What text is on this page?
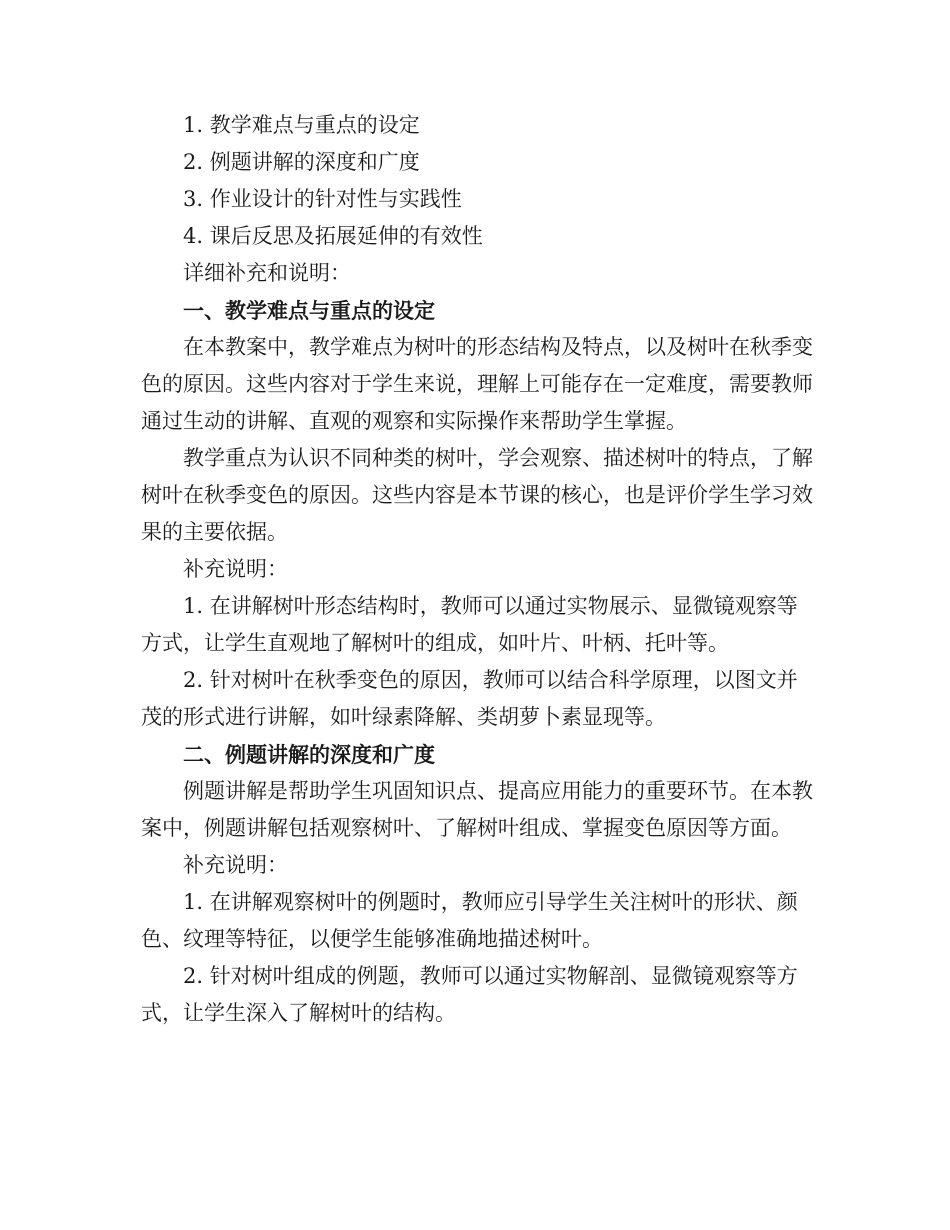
1. 教学难点与重点的设定

2. 例题讲解的深度和广度

3. 作业设计的针对性与实践性

4. 课后反思及拓展延伸的有效性

详细补充和说明：

一、教学难点与重点的设定

在本教案中，教学难点为树叶的形态结构及特点，以及树叶在秋季变色的原因。这些内容对于学生来说，理解上可能存在一定难度，需要教师通过生动的讲解、直观的观察和实际操作来帮助学生掌握。

教学重点为认识不同种类的树叶，学会观察、描述树叶的特点，了解树叶在秋季变色的原因。这些内容是本节课的核心，也是评价学生学习效果的主要依据。

补充说明：

1. 在讲解树叶形态结构时，教师可以通过实物展示、显微镜观察等方式，让学生直观地了解树叶的组成，如叶片、叶柄、托叶等。

2. 针对树叶在秋季变色的原因，教师可以结合科学原理，以图文并茂的形式进行讲解，如叶绿素降解、类胡萝卜素显现等。

二、例题讲解的深度和广度

例题讲解是帮助学生巩固知识点、提高应用能力的重要环节。在本教案中，例题讲解包括观察树叶、了解树叶组成、掌握变色原因等方面。

补充说明：

1. 在讲解观察树叶的例题时，教师应引导学生关注树叶的形状、颜色、纹理等特征，以便学生能够准确地描述树叶。

2. 针对树叶组成的例题，教师可以通过实物解剖、显微镜观察等方式，让学生深入了解树叶的结构。
